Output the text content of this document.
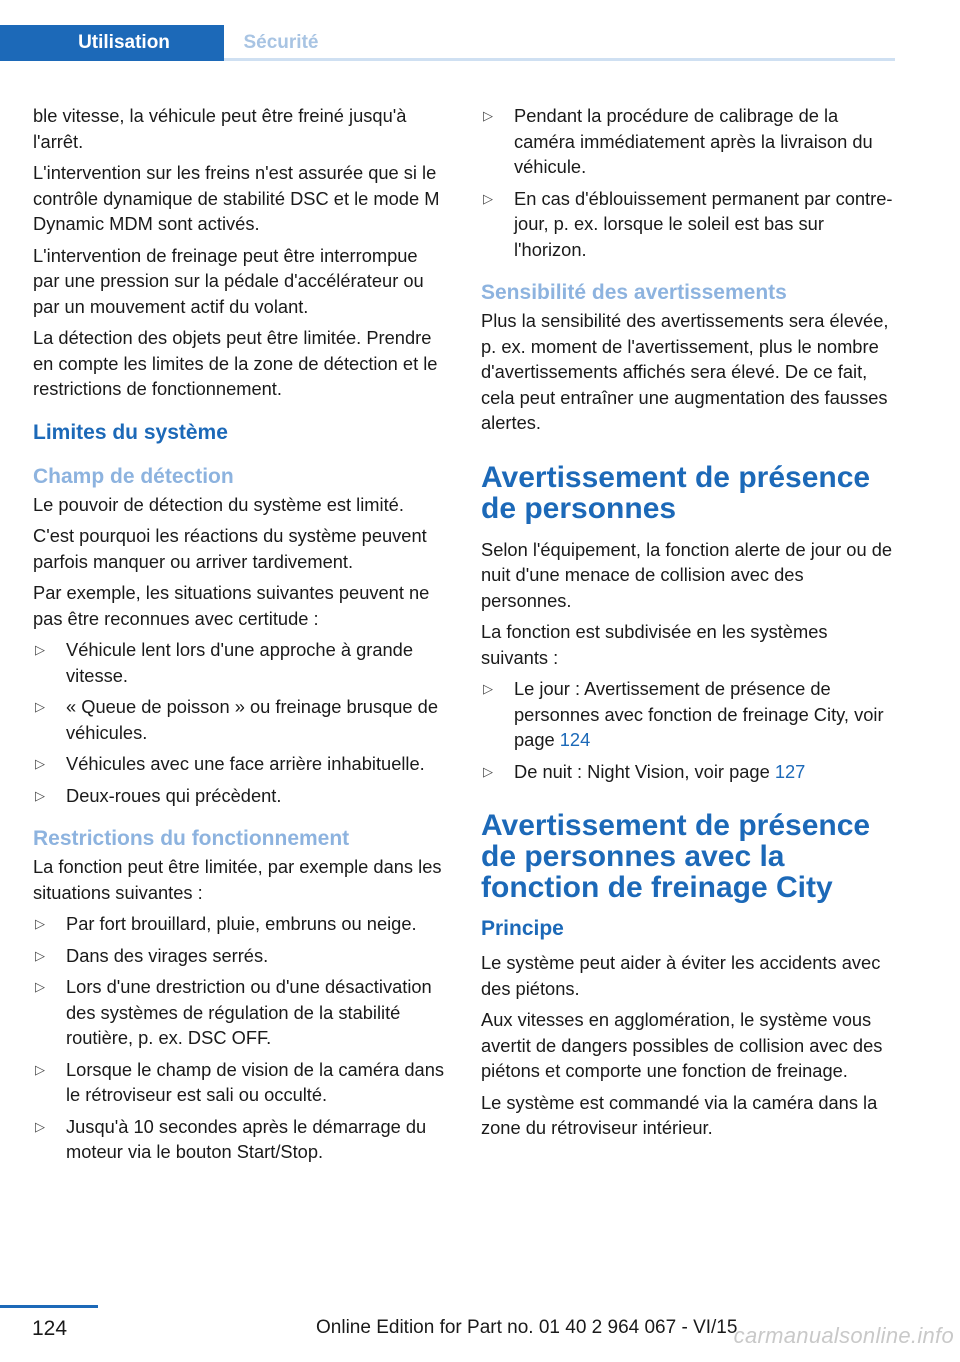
Utilisation	Sécurité

ble vitesse, la véhicule peut être freiné jusqu'à l'arrêt.

L'intervention sur les freins n'est assurée que si le contrôle dynamique de stabilité DSC et le mode M Dynamic MDM sont activés.

L'intervention de freinage peut être interrompue par une pression sur la pédale d'accélérateur ou par un mouvement actif du volant.

La détection des objets peut être limitée. Prendre en compte les limites de la zone de détection et le restrictions de fonctionnement.

Limites du système
Champ de détection

Le pouvoir de détection du système est limité.

C'est pourquoi les réactions du système peuvent parfois manquer ou arriver tardivement.

Par exemple, les situations suivantes peuvent ne pas être reconnues avec certitude :

▷ Véhicule lent lors d'une approche à grande vitesse.
▷ « Queue de poisson » ou freinage brusque de véhicules.
▷ Véhicules avec une face arrière inhabituelle.
▷ Deux-roues qui précèdent.
Restrictions du fonctionnement

La fonction peut être limitée, par exemple dans les situations suivantes :

▷ Par fort brouillard, pluie, embruns ou neige.
▷ Dans des virages serrés.
▷ Lors d'une drestriction ou d'une désactivation des systèmes de régulation de la stabilité routière, p. ex. DSC OFF.
▷ Lorsque le champ de vision de la caméra dans le rétroviseur est sali ou occulté.
▷ Jusqu'à 10 secondes après le démarrage du moteur via le bouton Start/Stop.
▷ Pendant la procédure de calibrage de la caméra immédiatement après la livraison du véhicule.
▷ En cas d'éblouissement permanent par contre-jour, p. ex. lorsque le soleil est bas sur l'horizon.
Sensibilité des avertissements

Plus la sensibilité des avertissements sera élevée, p. ex. moment de l'avertissement, plus le nombre d'avertissements affichés sera élevé. De ce fait, cela peut entraîner une augmentation des fausses alertes.

Avertissement de présence de personnes

Selon l'équipement, la fonction alerte de jour ou de nuit d'une menace de collision avec des personnes.

La fonction est subdivisée en les systèmes suivants :

▷ Le jour : Avertissement de présence de personnes avec fonction de freinage City, voir page 124
▷ De nuit : Night Vision, voir page 127
Avertissement de présence de personnes avec la fonction de freinage City
Principe

Le système peut aider à éviter les accidents avec des piétons.

Aux vitesses en agglomération, le système vous avertit de dangers possibles de collision avec des piétons et comporte une fonction de freinage.

Le système est commandé via la caméra dans la zone du rétroviseur intérieur.

124	Online Edition for Part no. 01 40 2 964 067 - VI/15
carmanualsonline.info
